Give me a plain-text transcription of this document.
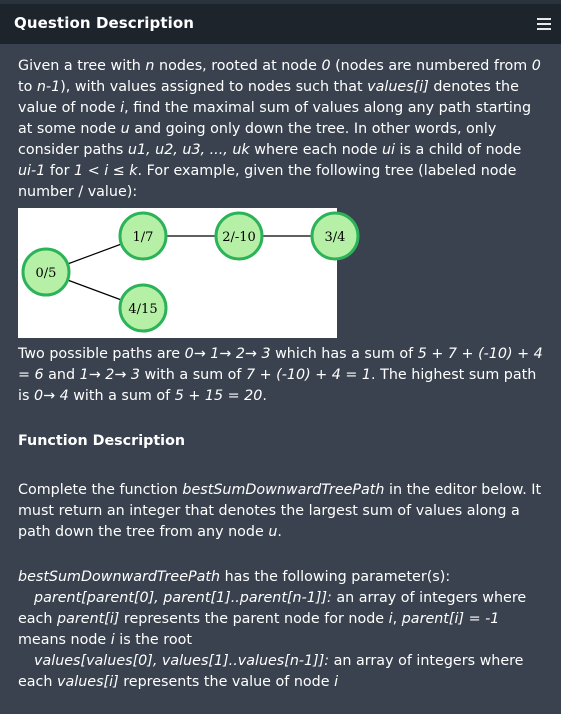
Question Description
Given a tree with n nodes, rooted at node 0 (nodes are numbered from 0 to n-1), with values assigned to nodes such that values[i] denotes the value of node i, find the maximal sum of values along any path starting at some node u and going only down the tree. In other words, only consider paths u1, u2, u3, ..., uk where each node ui is a child of node ui-1 for 1 < i ≤ k. For example, given the following tree (labeled node number / value):
0/5
1/7	2/-10	3/4
4/15
Two possible paths are 0→ 1→ 2→ 3 which has a sum of 5 + 7 + (-10) + 4 = 6 and 1→ 2→ 3 with a sum of 7 + (-10) + 4 = 1. The highest sum path is 0→ 4 with a sum of 5 + 15 = 20.
Function Description
Complete the function bestSumDownwardTreePath in the editor below. It must return an integer that denotes the largest sum of values along a path down the tree from any node u.
bestSumDownwardTreePath has the following parameter(s):
parent[parent[0], parent[1]..parent[n-1]]: an array of integers where each parent[i] represents the parent node for node i, parent[i] = -1 means node i is the root
values[values[0], values[1]..values[n-1]]: an array of integers where each values[i] represents the value of node i
